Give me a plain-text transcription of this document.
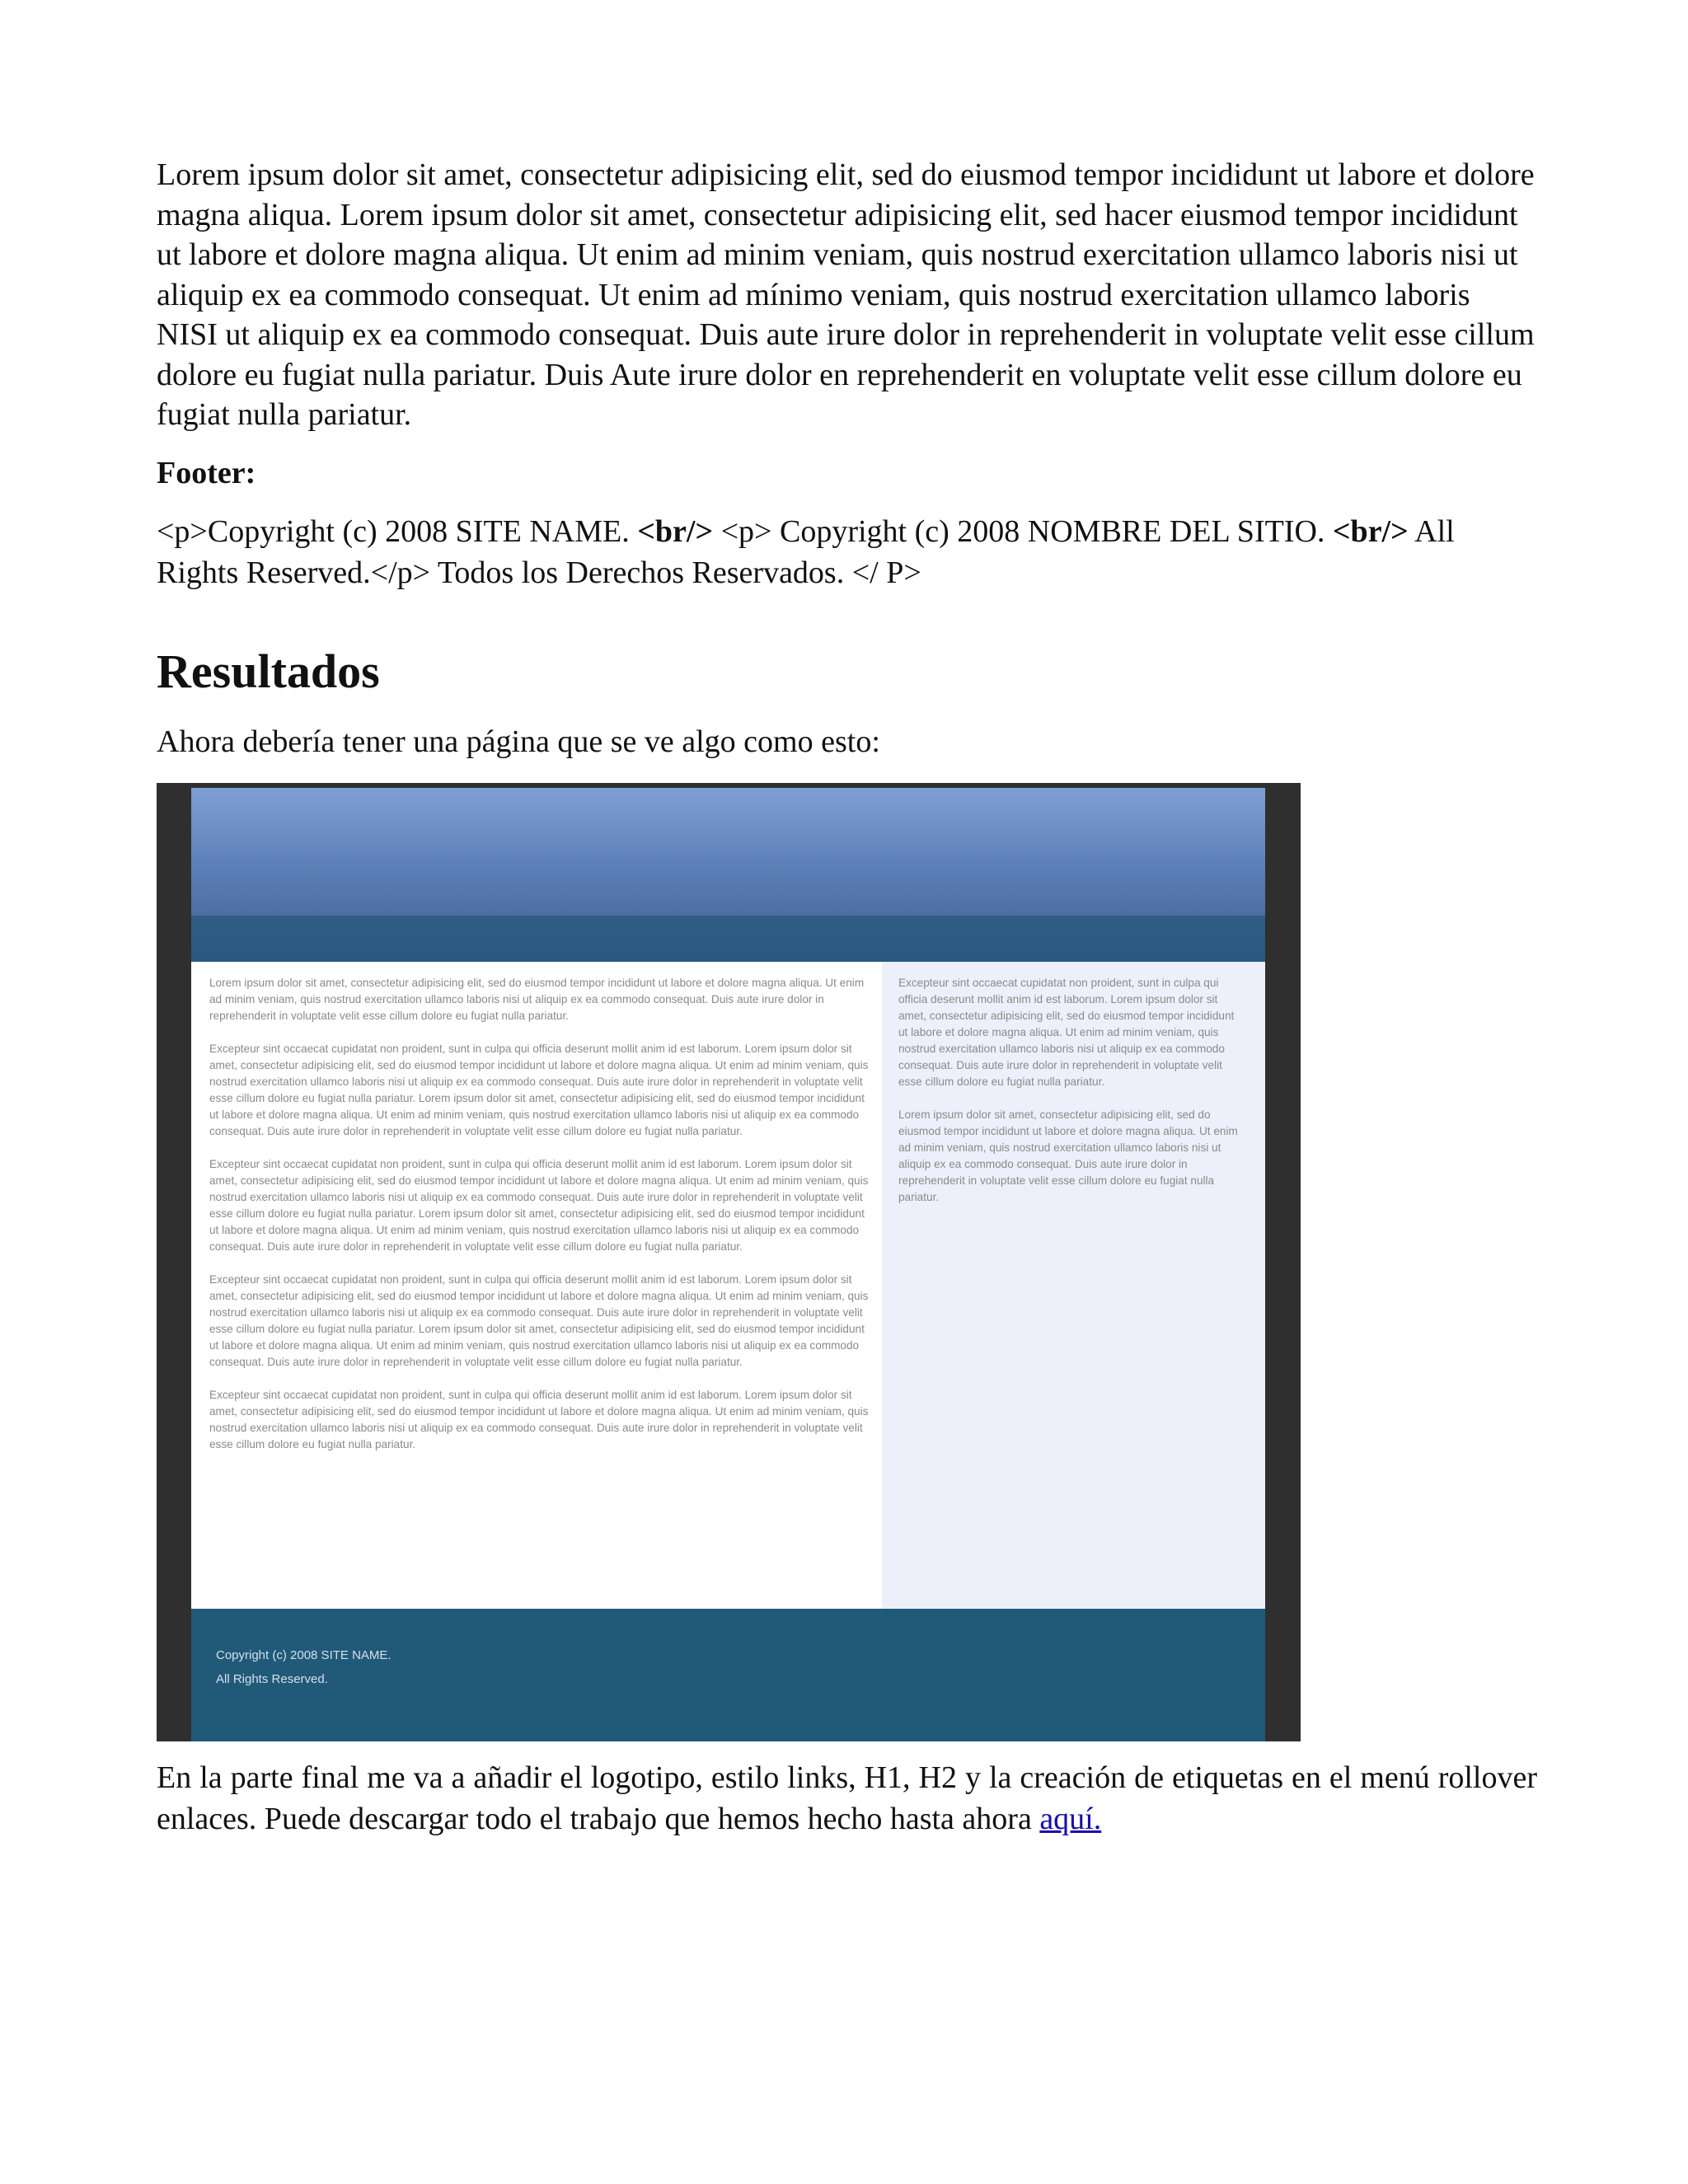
Lorem ipsum dolor sit amet, consectetur adipisicing elit, sed do eiusmod tempor incididunt ut labore et dolore magna aliqua. Lorem ipsum dolor sit amet, consectetur adipisicing elit, sed hacer eiusmod tempor incididunt ut labore et dolore magna aliqua. Ut enim ad minim veniam, quis nostrud exercitation ullamco laboris nisi ut aliquip ex ea commodo consequat. Ut enim ad mínimo veniam, quis nostrud exercitation ullamco laboris NISI ut aliquip ex ea commodo consequat. Duis aute irure dolor in reprehenderit in voluptate velit esse cillum dolore eu fugiat nulla pariatur. Duis Aute irure dolor en reprehenderit en voluptate velit esse cillum dolore eu fugiat nulla pariatur.

Footer:

<p>Copyright (c) 2008 SITE NAME. <br/> <p> Copyright (c) 2008 NOMBRE DEL SITIO. <br/> All Rights Reserved.</p> Todos los Derechos Reservados. </ P>

Resultados

Ahora debería tener una página que se ve algo como esto:

Lorem ipsum dolor sit amet, consectetur adipisicing elit, sed do eiusmod tempor incididunt ut labore et dolore magna aliqua. Ut enim ad minim veniam, quis nostrud exercitation ullamco laboris nisi ut aliquip ex ea commodo consequat. Duis aute irure dolor in reprehenderit in voluptate velit esse cillum dolore eu fugiat nulla pariatur.

Excepteur sint occaecat cupidatat non proident, sunt in culpa qui officia deserunt mollit anim id est laborum. Lorem ipsum dolor sit amet, consectetur adipisicing elit, sed do eiusmod tempor incididunt ut labore et dolore magna aliqua. Ut enim ad minim veniam, quis nostrud exercitation ullamco laboris nisi ut aliquip ex ea commodo consequat. Duis aute irure dolor in reprehenderit in voluptate velit esse cillum dolore eu fugiat nulla pariatur. Lorem ipsum dolor sit amet, consectetur adipisicing elit, sed do eiusmod tempor incididunt ut labore et dolore magna aliqua. Ut enim ad minim veniam, quis nostrud exercitation ullamco laboris nisi ut aliquip ex ea commodo consequat. Duis aute irure dolor in reprehenderit in voluptate velit esse cillum dolore eu fugiat nulla pariatur.

Excepteur sint occaecat cupidatat non proident, sunt in culpa qui officia deserunt mollit anim id est laborum. Lorem ipsum dolor sit amet, consectetur adipisicing elit, sed do eiusmod tempor incididunt ut labore et dolore magna aliqua. Ut enim ad minim veniam, quis nostrud exercitation ullamco laboris nisi ut aliquip ex ea commodo consequat. Duis aute irure dolor in reprehenderit in voluptate velit esse cillum dolore eu fugiat nulla pariatur. Lorem ipsum dolor sit amet, consectetur adipisicing elit, sed do eiusmod tempor incididunt ut labore et dolore magna aliqua. Ut enim ad minim veniam, quis nostrud exercitation ullamco laboris nisi ut aliquip ex ea commodo consequat. Duis aute irure dolor in reprehenderit in voluptate velit esse cillum dolore eu fugiat nulla pariatur.

Excepteur sint occaecat cupidatat non proident, sunt in culpa qui officia deserunt mollit anim id est laborum. Lorem ipsum dolor sit amet, consectetur adipisicing elit, sed do eiusmod tempor incididunt ut labore et dolore magna aliqua. Ut enim ad minim veniam, quis nostrud exercitation ullamco laboris nisi ut aliquip ex ea commodo consequat. Duis aute irure dolor in reprehenderit in voluptate velit esse cillum dolore eu fugiat nulla pariatur. Lorem ipsum dolor sit amet, consectetur adipisicing elit, sed do eiusmod tempor incididunt ut labore et dolore magna aliqua. Ut enim ad minim veniam, quis nostrud exercitation ullamco laboris nisi ut aliquip ex ea commodo consequat. Duis aute irure dolor in reprehenderit in voluptate velit esse cillum dolore eu fugiat nulla pariatur.

Excepteur sint occaecat cupidatat non proident, sunt in culpa qui officia deserunt mollit anim id est laborum. Lorem ipsum dolor sit amet, consectetur adipisicing elit, sed do eiusmod tempor incididunt ut labore et dolore magna aliqua. Ut enim ad minim veniam, quis nostrud exercitation ullamco laboris nisi ut aliquip ex ea commodo consequat. Duis aute irure dolor in reprehenderit in voluptate velit esse cillum dolore eu fugiat nulla pariatur.

Excepteur sint occaecat cupidatat non proident, sunt in culpa qui officia deserunt mollit anim id est laborum. Lorem ipsum dolor sit amet, consectetur adipisicing elit, sed do eiusmod tempor incididunt ut labore et dolore magna aliqua. Ut enim ad minim veniam, quis nostrud exercitation ullamco laboris nisi ut aliquip ex ea commodo consequat. Duis aute irure dolor in reprehenderit in voluptate velit esse cillum dolore eu fugiat nulla pariatur.

Lorem ipsum dolor sit amet, consectetur adipisicing elit, sed do eiusmod tempor incididunt ut labore et dolore magna aliqua. Ut enim ad minim veniam, quis nostrud exercitation ullamco laboris nisi ut aliquip ex ea commodo consequat. Duis aute irure dolor in reprehenderit in voluptate velit esse cillum dolore eu fugiat nulla pariatur.

Copyright (c) 2008 SITE NAME.

All Rights Reserved.

En la parte final me va a añadir el logotipo, estilo links, H1, H2 y la creación de etiquetas en el menú rollover enlaces. Puede descargar todo el trabajo que hemos hecho hasta ahora aquí.
